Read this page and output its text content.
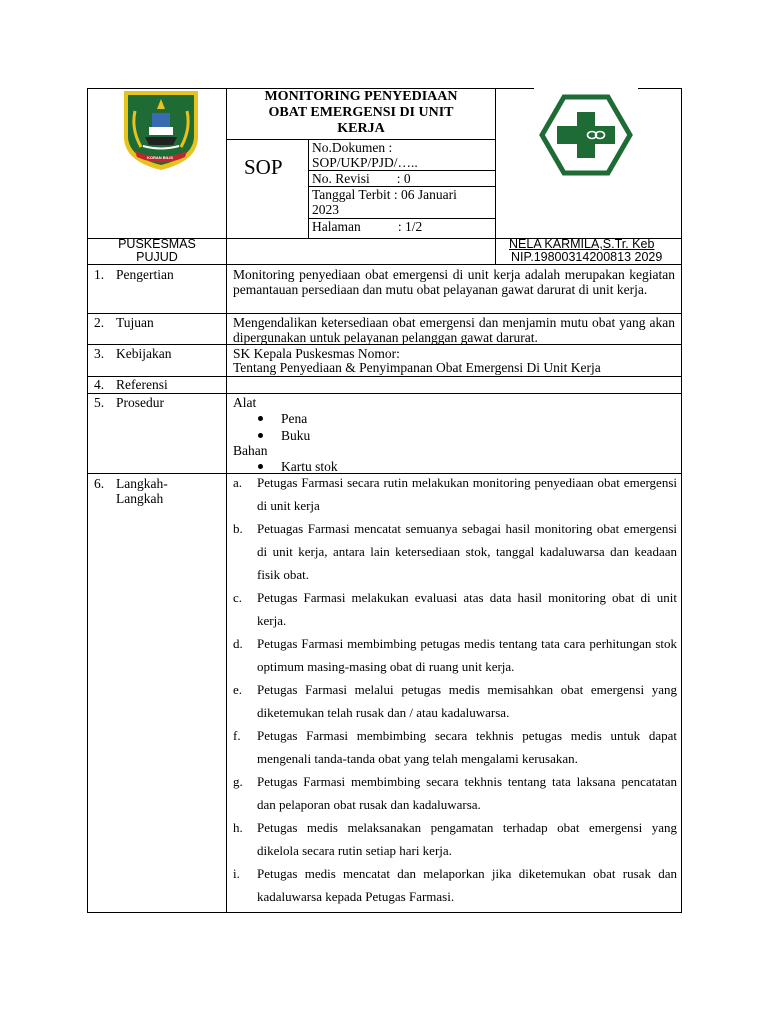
KORAN BILIS
MONITORING PENYEDIAAN
OBAT EMERGENSI DI UNIT
KERJA
SOP
No.Dokumen :
SOP/UKP/PJD/…..
No. Revisi        : 0
Tanggal Terbit : 06 Januari
2023
Halaman           : 1/2
PUSKESMAS
PUJUD
NELA KARMILA,S.Tr. Keb
NIP.19800314200813 2029
1. Pengertian	Monitoring penyediaan obat emergensi di unit kerja adalah merupakan kegiatan pemantauan persediaan dan mutu obat pelayanan gawat darurat di unit kerja.
2. Tujuan	Mengendalikan ketersediaan obat emergensi dan menjamin mutu obat yang akan dipergunakan untuk pelayanan pelanggan gawat darurat.
3. Kebijakan	SK Kepala Puskesmas Nomor:
Tentang Penyediaan & Penyimpanan Obat Emergensi Di Unit Kerja
4. Referensi
5. Prosedur	Alat
Pena
Buku
Bahan
Kartu stok
6. Langkah-
Langkah
a. Petugas Farmasi secara rutin melakukan monitoring penyediaan obat emergensi di unit kerja
b. Petuagas Farmasi mencatat semuanya sebagai hasil monitoring obat emergensi di unit kerja, antara lain ketersediaan stok, tanggal kadaluwarsa dan keadaan fisik obat.
c. Petugas Farmasi melakukan evaluasi atas data hasil monitoring obat di unit kerja.
d. Petugas Farmasi membimbing petugas medis tentang tata cara perhitungan stok optimum masing-masing obat di ruang unit kerja.
e. Petugas Farmasi melalui petugas medis memisahkan obat emergensi yang diketemukan telah rusak dan / atau kadaluwarsa.
f. Petugas Farmasi membimbing secara tekhnis petugas medis untuk dapat mengenali tanda-tanda obat yang telah mengalami kerusakan.
g. Petugas Farmasi membimbing secara tekhnis tentang tata laksana pencatatan dan pelaporan obat rusak dan kadaluwarsa.
h. Petugas medis melaksanakan pengamatan terhadap obat emergensi yang dikelola secara rutin setiap hari kerja.
i. Petugas medis mencatat dan melaporkan jika diketemukan obat rusak dan kadaluwarsa kepada Petugas Farmasi.
